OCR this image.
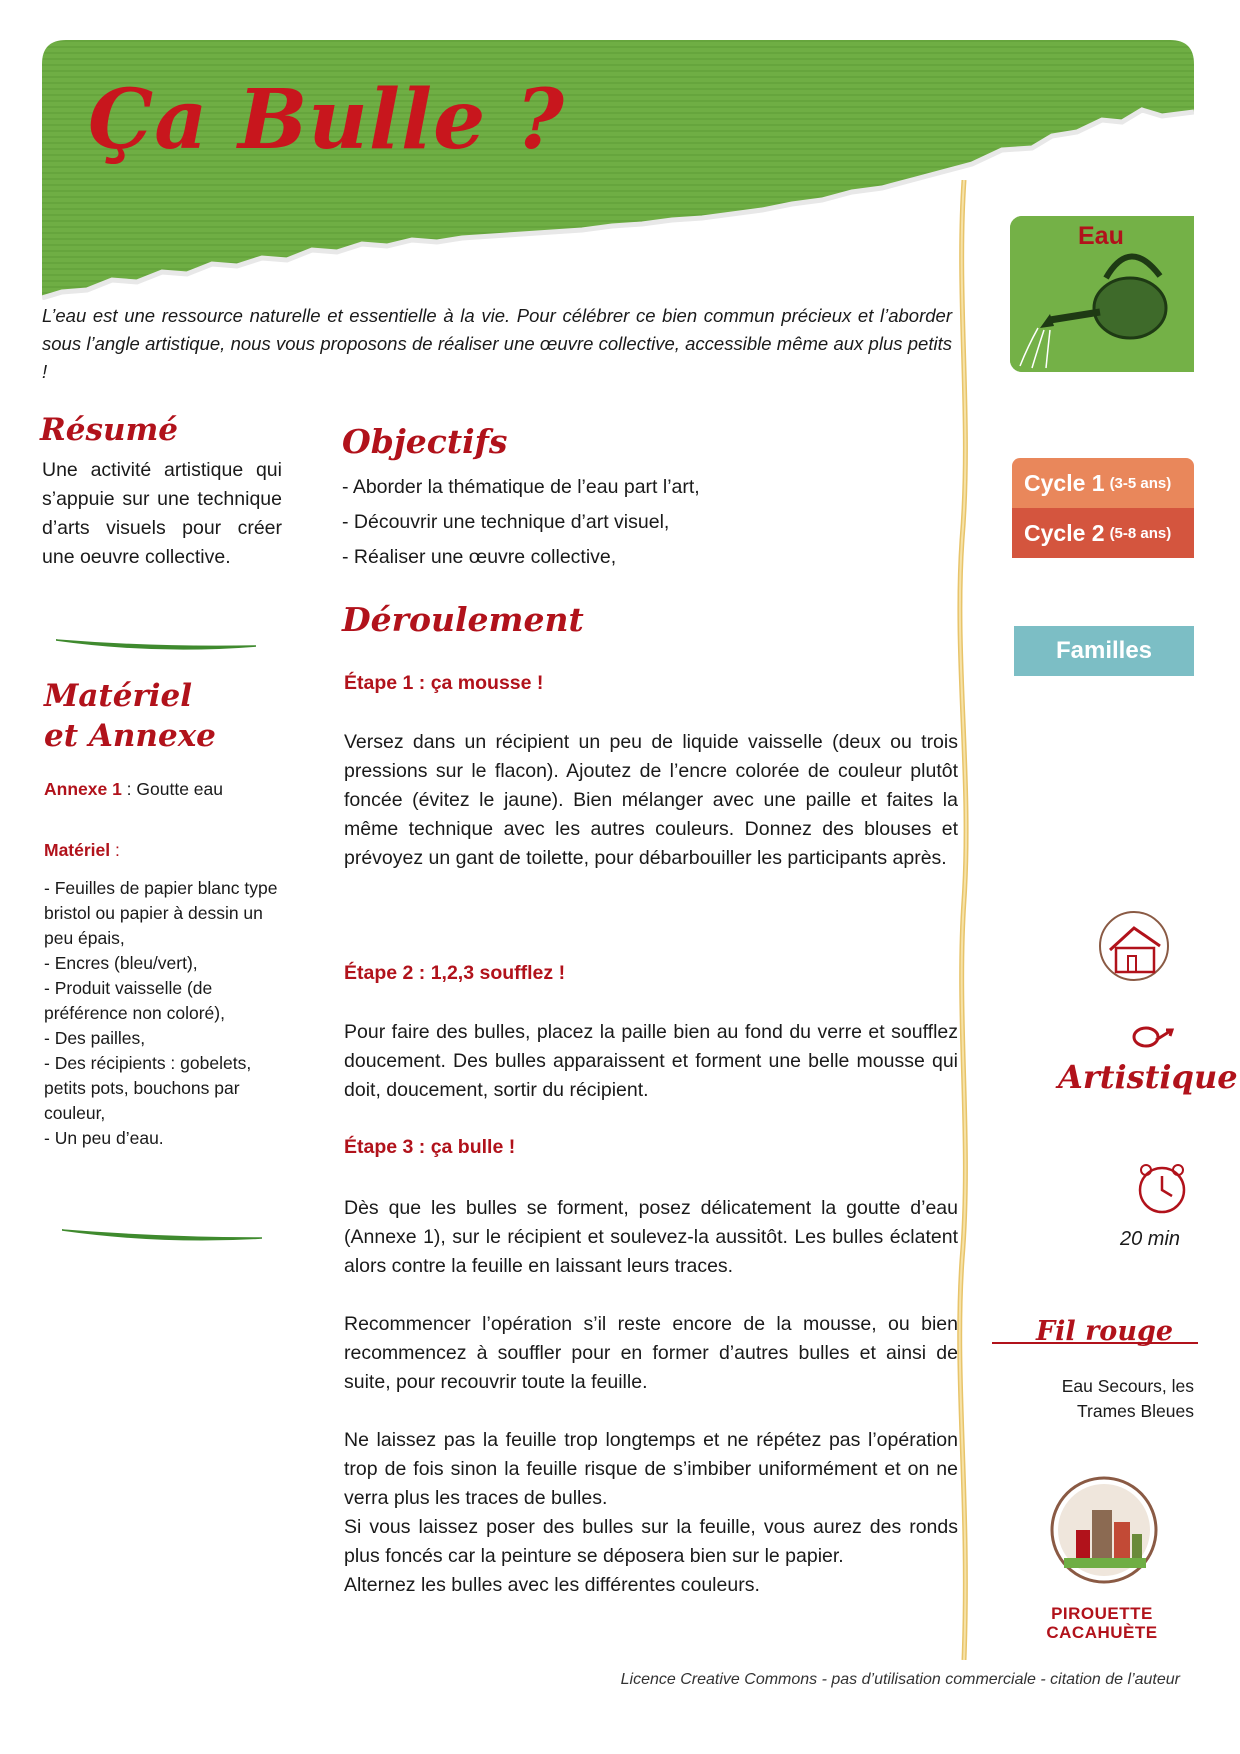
Ça Bulle ?

L’eau est une ressource naturelle et essentielle à la vie. Pour célébrer ce bien commun précieux et l’aborder sous l’angle artistique, nous vous proposons de réaliser une œuvre collective, accessible même aux plus petits !

Résumé

Une activité artistique qui s’appuie sur une technique d’arts visuels pour créer une oeuvre collective.

Matériel
et Annexe

Annexe 1 : Goutte eau

Matériel :

- Feuilles de papier blanc type bristol ou papier à dessin un peu épais,
- Encres (bleu/vert),
- Produit vaisselle (de préférence non coloré),
- Des pailles,
- Des récipients : gobelets, petits pots, bouchons par couleur,
- Un peu d’eau.
Objectifs
- Aborder la thématique de l’eau part l’art,
- Découvrir une technique d’art visuel,
- Réaliser une œuvre collective,
Déroulement

Étape 1 : ça mousse !

Versez dans un récipient un peu de liquide vaisselle (deux ou trois pressions sur le flacon). Ajoutez de l’encre colorée de couleur plutôt foncée (évitez le jaune). Bien mélanger avec une paille et faites la même technique avec les autres couleurs. Donnez des blouses et prévoyez un gant de toilette, pour débarbouiller les participants après.

Étape 2 : 1,2,3 soufflez !

Pour faire des bulles, placez la paille bien au fond du verre et soufflez doucement. Des bulles apparaissent et forment une belle mousse qui doit, doucement, sortir du récipient.

Étape 3 : ça bulle !

Dès que les bulles se forment, posez délicatement la goutte d’eau (Annexe 1), sur le récipient et soulevez-la aussitôt. Les bulles éclatent alors contre la feuille en laissant leurs traces.

Recommencer l’opération s’il reste encore de la mousse, ou bien recommencez à souffler pour en former d’autres bulles et ainsi de suite, pour recouvrir toute la feuille.

Ne laissez pas la feuille trop longtemps et ne répétez pas l’opération trop de fois sinon la feuille risque de s’imbiber uniformément et on ne verra plus les traces de bulles.
Si vous laissez poser des bulles sur la feuille, vous aurez des ronds plus foncés car la peinture se déposera bien sur le papier.
Alternez les bulles avec les différentes couleurs.
Eau
Cycle 1 (3-5 ans)
Cycle 2 (5-8 ans)
Familles
Artistique
20 min
Fil rouge

Eau Secours, les Trames Bleues

PIROUETTE
CACAHUÈTE

Licence Creative Commons - pas d’utilisation commerciale - citation de l’auteur
